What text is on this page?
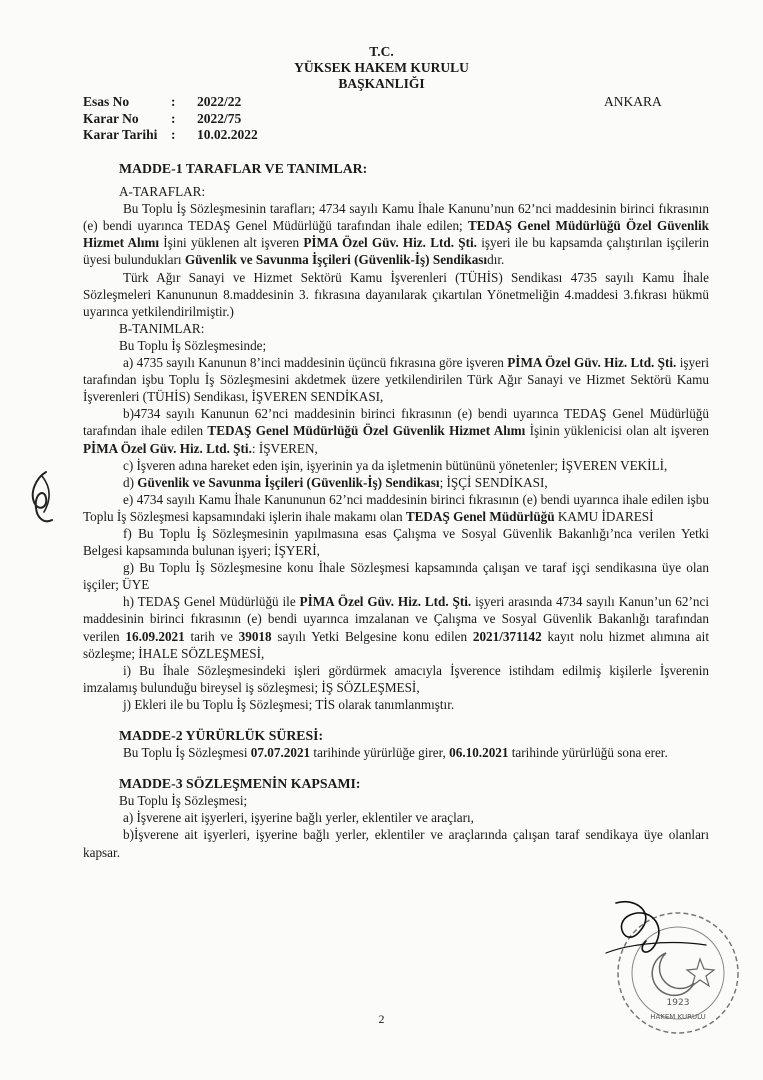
T.C.
YÜKSEK HAKEM KURULU
BAŞKANLIĞI
Esas No	:	2022/22
Karar No	:	2022/75
Karar Tarihi	:	10.02.2022
ANKARA

MADDE-1 TARAFLAR VE TANIMLAR:

A-TARAFLAR:

Bu Toplu İş Sözleşmesinin tarafları; 4734 sayılı Kamu İhale Kanunu’nun 62’nci maddesinin birinci fıkrasının (e) bendi uyarınca TEDAŞ Genel Müdürlüğü tarafından ihale edilen; TEDAŞ Genel Müdürlüğü Özel Güvenlik Hizmet Alımı İşini yüklenen alt işveren PİMA Özel Güv. Hiz. Ltd. Şti. işyeri ile bu kapsamda çalıştırılan işçilerin üyesi bulundukları Güvenlik ve Savunma İşçileri (Güvenlik-İş) Sendikasıdır.

Türk Ağır Sanayi ve Hizmet Sektörü Kamu İşverenleri (TÜHİS) Sendikası 4735 sayılı Kamu İhale Sözleşmeleri Kanununun 8.maddesinin 3. fıkrasına dayanılarak çıkartılan Yönetmeliğin 4.maddesi 3.fıkrası hükmü uyarınca yetkilendirilmiştir.)

B-TANIMLAR:

Bu Toplu İş Sözleşmesinde;

a) 4735 sayılı Kanunun 8’inci maddesinin üçüncü fıkrasına göre işveren PİMA Özel Güv. Hiz. Ltd. Şti. işyeri tarafından işbu Toplu İş Sözleşmesini akdetmek üzere yetkilendirilen Türk Ağır Sanayi ve Hizmet Sektörü Kamu İşverenleri (TÜHİS) Sendikası, İŞVEREN SENDİKASI,

b)4734 sayılı Kanunun 62’nci maddesinin birinci fıkrasının (e) bendi uyarınca TEDAŞ Genel Müdürlüğü tarafından ihale edilen TEDAŞ Genel Müdürlüğü Özel Güvenlik Hizmet Alımı İşinin yüklenicisi olan alt işveren PİMA Özel Güv. Hiz. Ltd. Şti.: İŞVEREN,

c) İşveren adına hareket eden işin, işyerinin ya da işletmenin bütününü yönetenler; İŞVEREN VEKİLİ,

d) Güvenlik ve Savunma İşçileri (Güvenlik-İş) Sendikası; İŞÇİ SENDİKASI,

e) 4734 sayılı Kamu İhale Kanununun 62’nci maddesinin birinci fıkrasının (e) bendi uyarınca ihale edilen işbu Toplu İş Sözleşmesi kapsamındaki işlerin ihale makamı olan TEDAŞ Genel Müdürlüğü KAMU İDARESİ

f) Bu Toplu İş Sözleşmesinin yapılmasına esas Çalışma ve Sosyal Güvenlik Bakanlığı’nca verilen Yetki Belgesi kapsamında bulunan işyeri; İŞYERİ,

g) Bu Toplu İş Sözleşmesine konu İhale Sözleşmesi kapsamında çalışan ve taraf işçi sendikasına üye olan işçiler; ÜYE

h) TEDAŞ Genel Müdürlüğü ile PİMA Özel Güv. Hiz. Ltd. Şti. işyeri arasında 4734 sayılı Kanun’un 62’nci maddesinin birinci fıkrasının (e) bendi uyarınca imzalanan ve Çalışma ve Sosyal Güvenlik Bakanlığı tarafından verilen 16.09.2021 tarih ve 39018 sayılı Yetki Belgesine konu edilen 2021/371142 kayıt nolu hizmet alımına ait sözleşme; İHALE SÖZLEŞMESİ,

i) Bu İhale Sözleşmesindeki işleri gördürmek amacıyla İşverence istihdam edilmiş kişilerle İşverenin imzalamış bulunduğu bireysel iş sözleşmesi; İŞ SÖZLEŞMESİ,

j) Ekleri ile bu Toplu İş Sözleşmesi; TİS olarak tanımlanmıştır.

MADDE-2 YÜRÜRLÜK SÜRESİ:

Bu Toplu İş Sözleşmesi 07.07.2021 tarihinde yürürlüğe girer, 06.10.2021 tarihinde yürürlüğü sona erer.

MADDE-3 SÖZLEŞMENİN KAPSAMI:

Bu Toplu İş Sözleşmesi;

a) İşverene ait işyerleri, işyerine bağlı yerler, eklentiler ve araçları,

b)İşverene ait işyerleri, işyerine bağlı yerler, eklentiler ve araçlarında çalışan taraf sendikaya üye olanları kapsar.

1923
HAKEM KURULU
2
